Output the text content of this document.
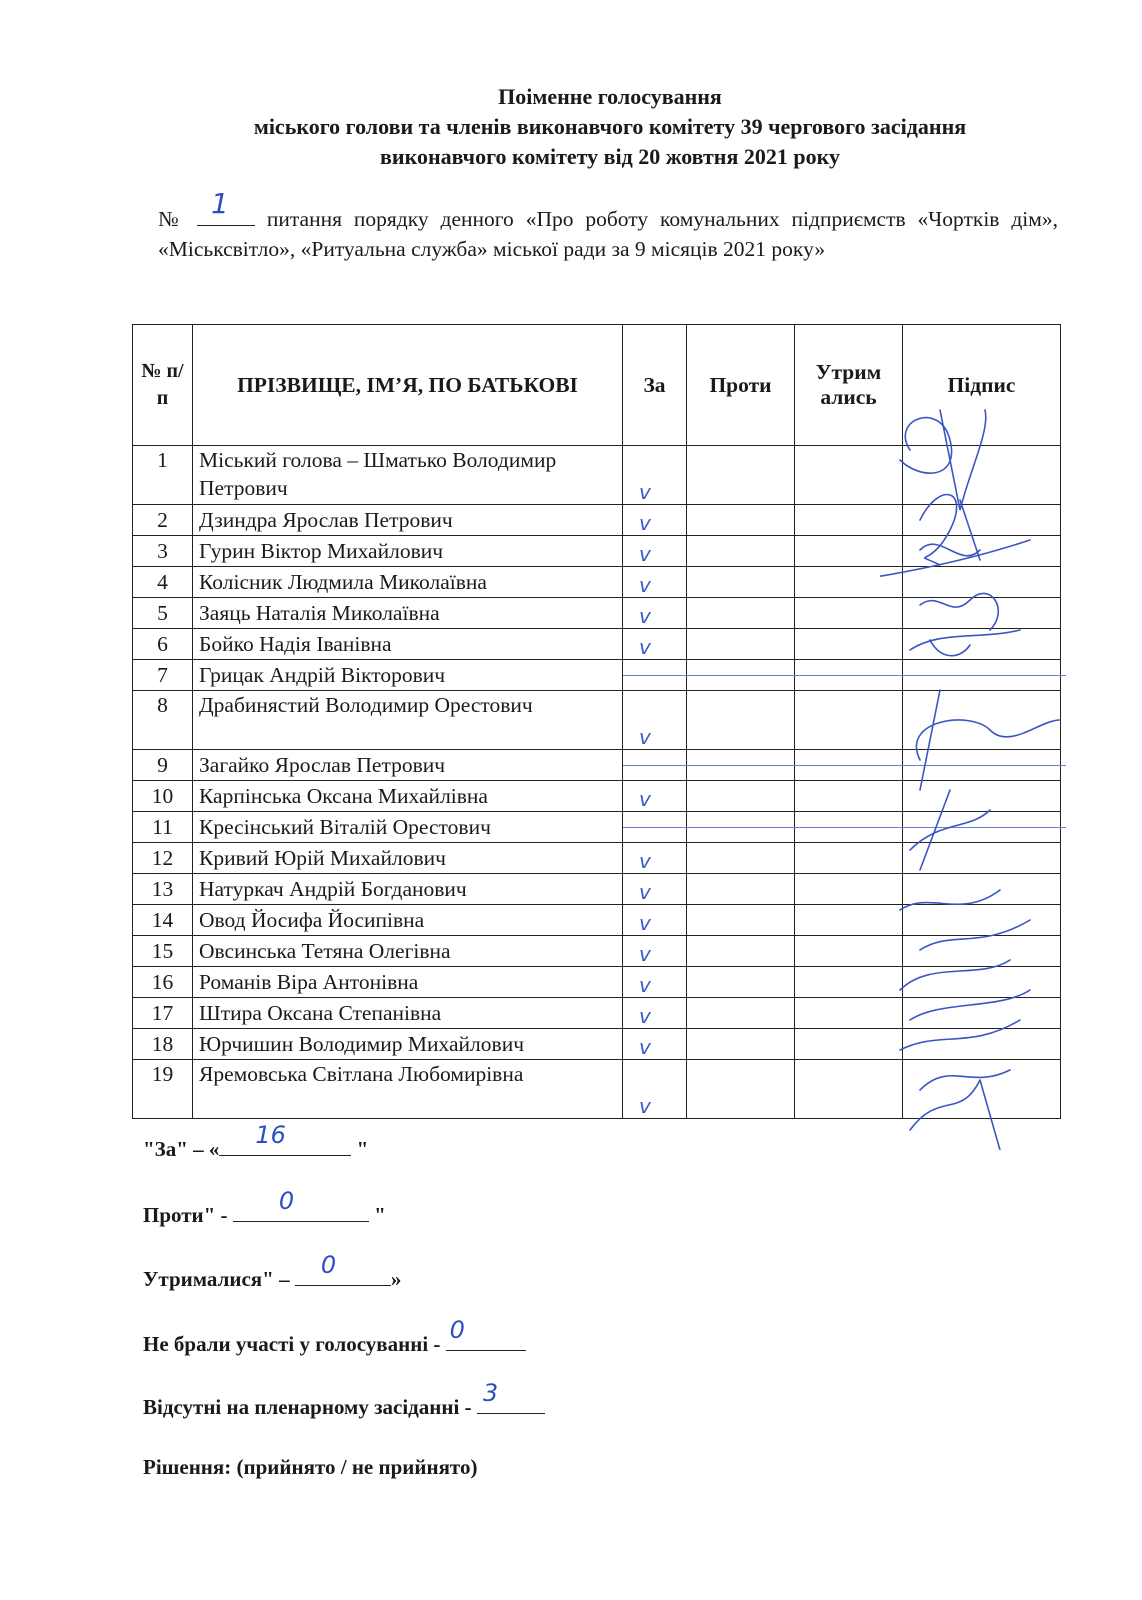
Поіменне голосування
міського голови та членів виконавчого комітету 39 чергового засідання
виконавчого комітету від 20 жовтня 2021 року
№ 1 питання порядку денного «Про роботу комунальних підприємств «Чортків дім», «Міськсвітло», «Ритуальна служба» міської ради за 9 місяців 2021 року»
№ п/п	ПРІЗВИЩЕ, ІМ’Я, ПО БАТЬКОВІ	За	Проти	Утрим ались	Підпис
1	Міський голова – Шматько Володимир Петрович	v			

2	Дзиндра Ярослав Петрович	v			

3	Гурин Віктор Михайлович	v			

4	Колісник Людмила Миколаївна	v			

5	Заяць Наталія Миколаївна	v			

6	Бойко Надія Іванівна	v			

7	Грицак Андрій Вікторович	

8	Драбинястий Володимир Орестович	v			

9	Загайко Ярослав Петрович	

10	Карпінська Оксана Михайлівна	v			

11	Кресінський Віталій Орестович	

12	Кривий Юрій Михайлович	v			

13	Натуркач Андрій Богданович	v			

14	Овод Йосифа Йосипівна	v			

15	Овсинська Тетяна Олегівна	v			

16	Романів Віра Антонівна	v			

17	Штира Оксана Степанівна	v			

18	Юрчишин Володимир Михайлович	v			

19	Яремовська Світлана Любомирівна	v			

"За" – « 16	"
Проти" - 0	"
Утрималися" – 0	»
Не брали участі у голосуванні - 0
Відсутні на пленарному засіданні - 3
Рішення: (прийнято / не прийнято)
